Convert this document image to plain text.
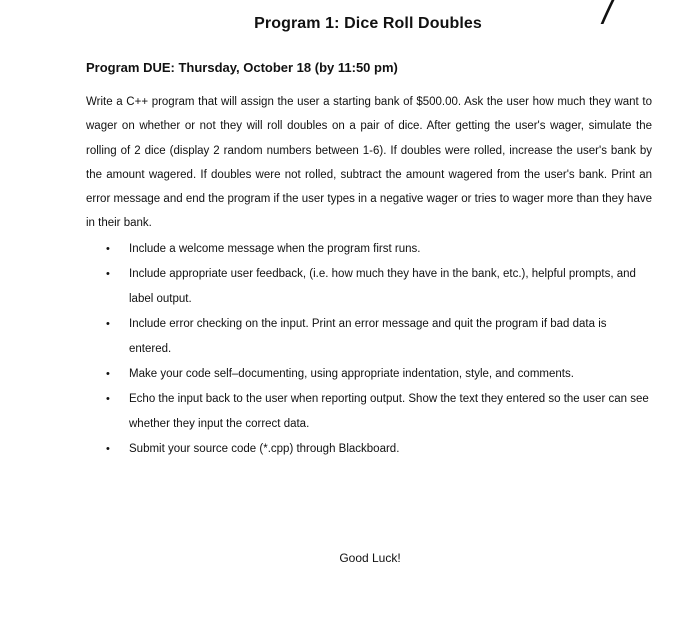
Program 1: Dice Roll Doubles
Program DUE: Thursday, October 18 (by 11:50 pm)
Write a C++ program that will assign the user a starting bank of $500.00. Ask the user how much they want to wager on whether or not they will roll doubles on a pair of dice. After getting the user's wager, simulate the rolling of 2 dice (display 2 random numbers between 1-6). If doubles were rolled, increase the user's bank by the amount wagered. If doubles were not rolled, subtract the amount wagered from the user's bank. Print an error message and end the program if the user types in a negative wager or tries to wager more than they have in their bank.
• Include a welcome message when the program first runs.
• Include appropriate user feedback, (i.e. how much they have in the bank, etc.), helpful prompts, and label output.
• Include error checking on the input. Print an error message and quit the program if bad data is entered.
• Make your code self–documenting, using appropriate indentation, style, and comments.
• Echo the input back to the user when reporting output. Show the text they entered so the user can see whether they input the correct data.
• Submit your source code (*.cpp) through Blackboard.
Good Luck!
